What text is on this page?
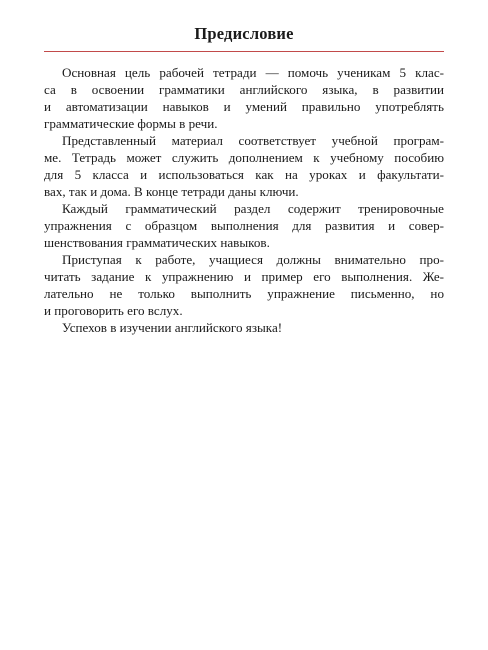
Предисловие

Основная цель рабочей тетради — помочь ученикам 5 клас-
са в освоении грамматики английского языка, в развитии
и автоматизации навыков и умений правильно употреблять
грамматические формы в речи.

Представленный материал соответствует учебной програм-
ме. Тетрадь может служить дополнением к учебному пособию
для 5 класса и использоваться как на уроках и факультати-
вах, так и дома. В конце тетради даны ключи.

Каждый грамматический раздел содержит тренировочные
упражнения с образцом выполнения для развития и совер-
шенствования грамматических навыков.

Приступая к работе, учащиеся должны внимательно про-
читать задание к упражнению и пример его выполнения. Же-
лательно не только выполнить упражнение письменно, но
и проговорить его вслух.

Успехов в изучении английского языка!
